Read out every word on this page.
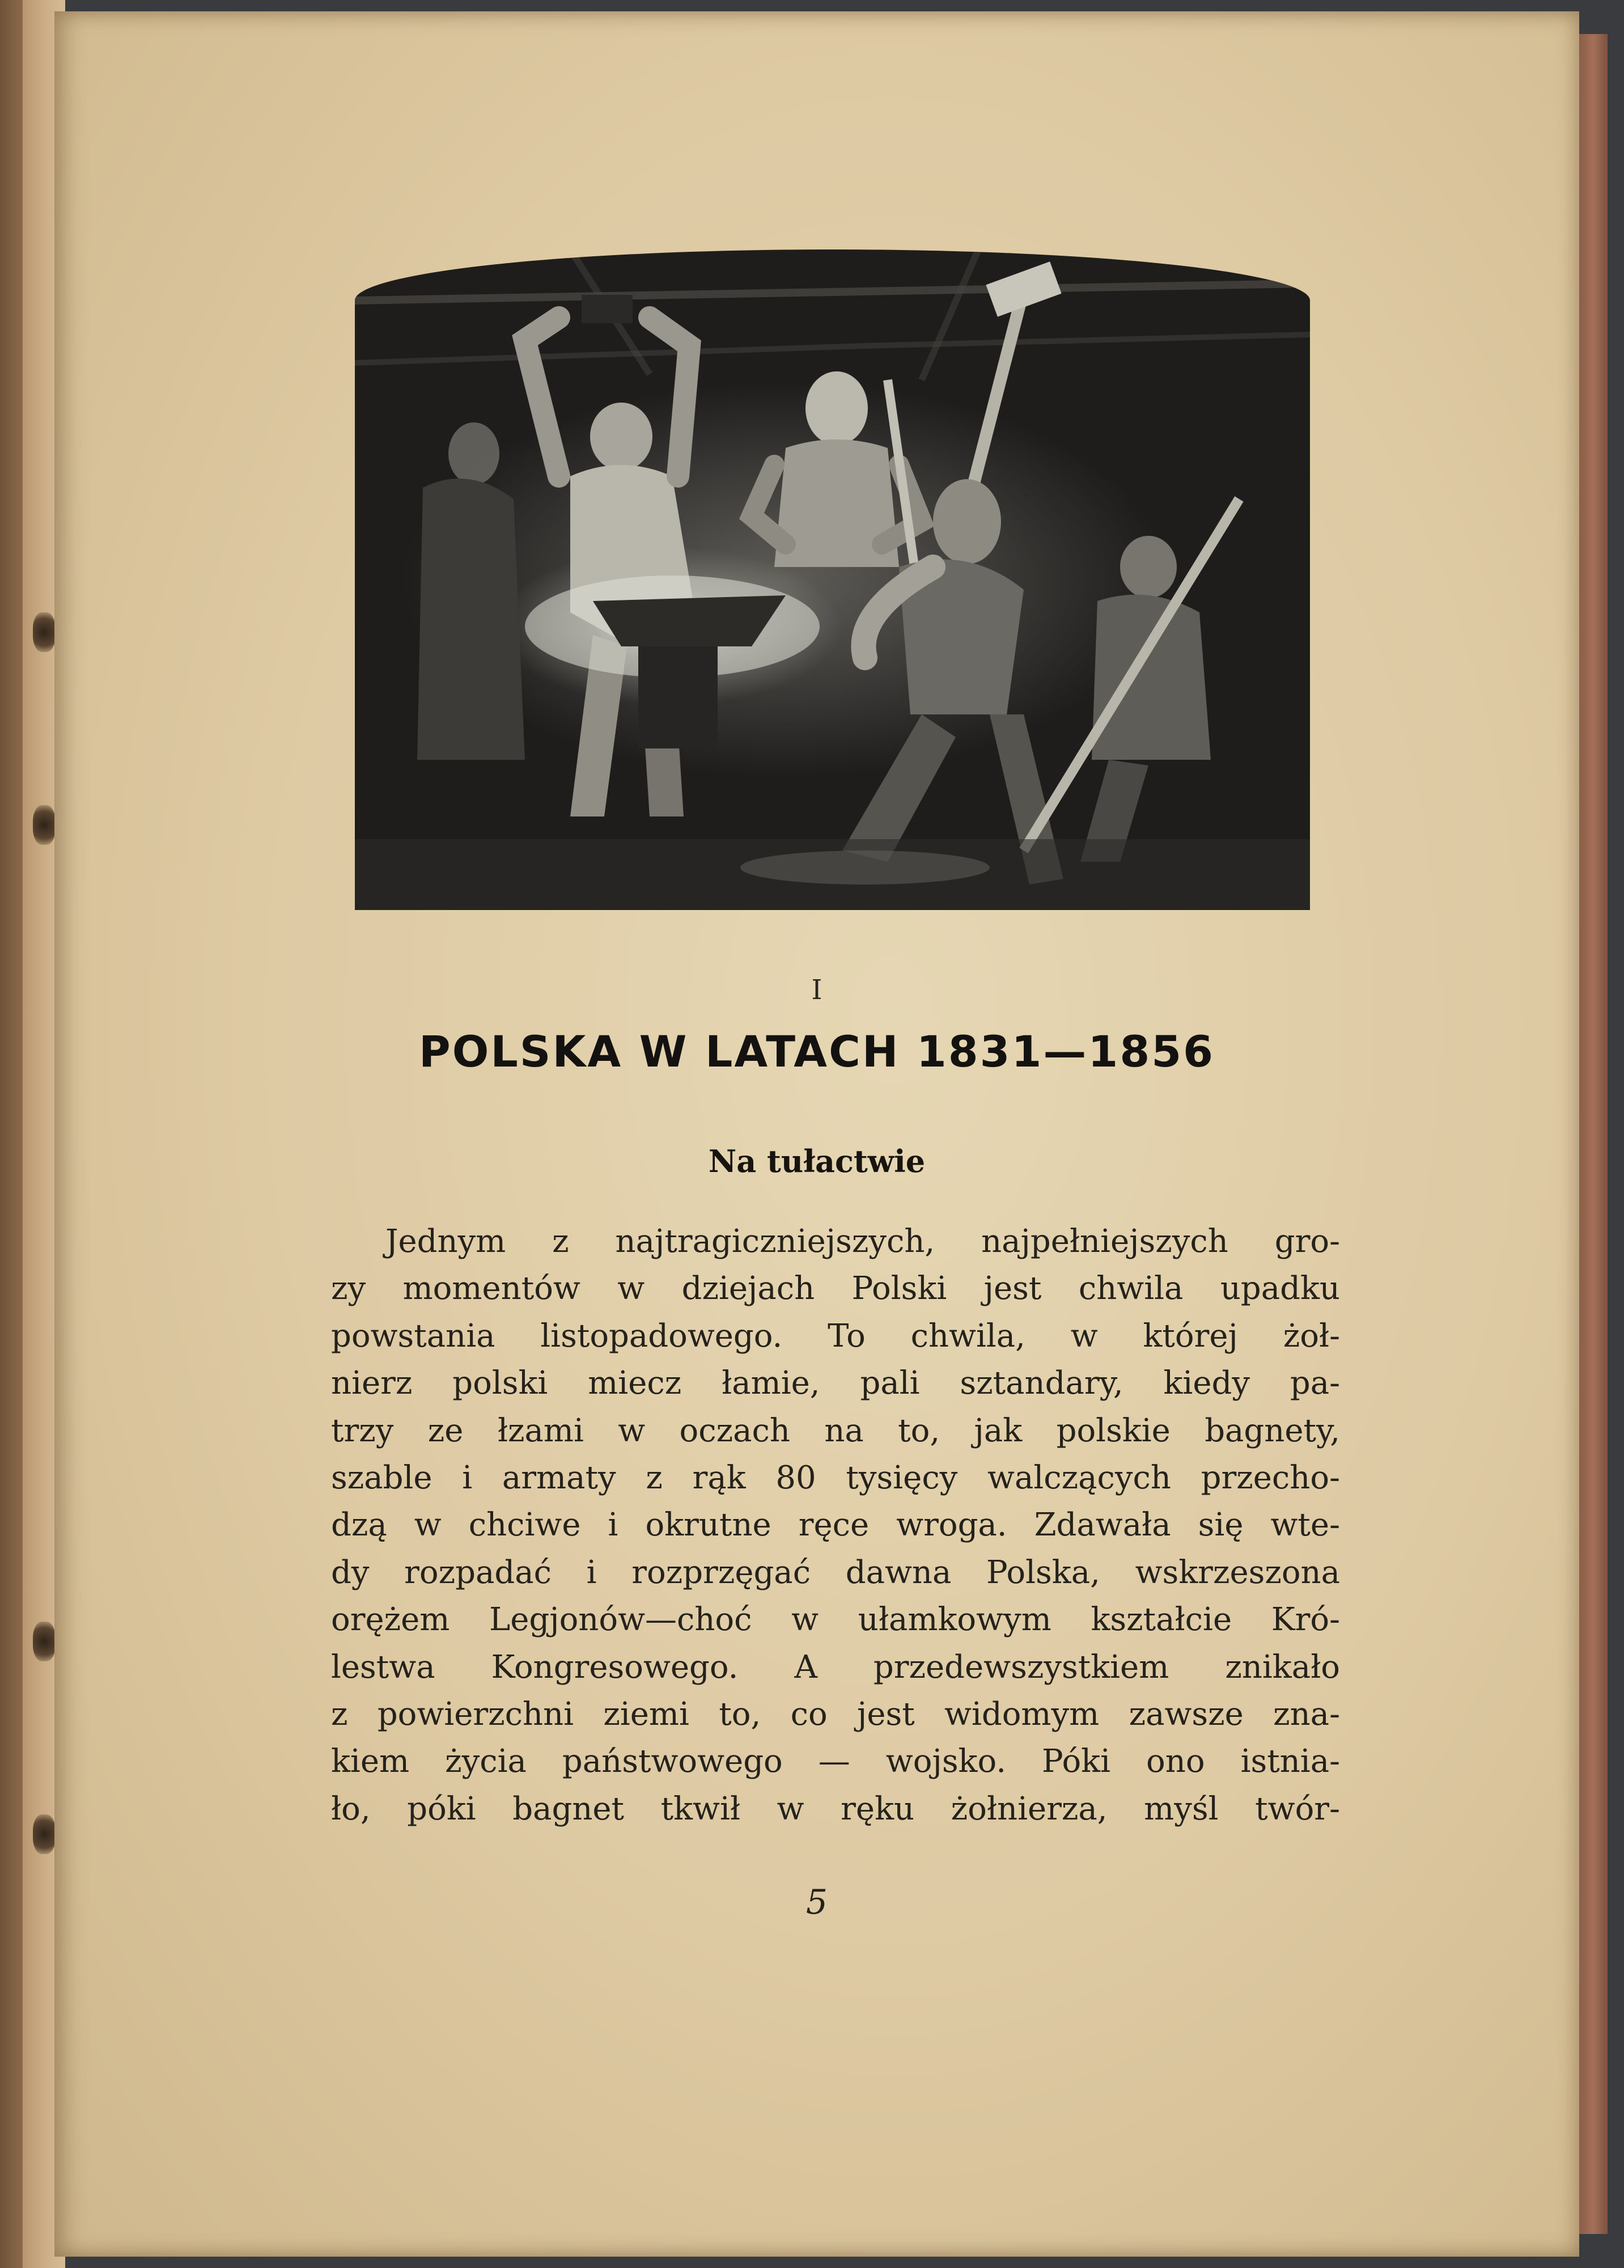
I
POLSKA W LATACH 1831—1856
Na tułactwie
Jednym z najtragiczniejszych, najpełniejszych gro-
zy momentów w dziejach Polski jest chwila upadku
powstania listopadowego. To chwila, w której żoł-
nierz polski miecz łamie, pali sztandary, kiedy pa-
trzy ze łzami w oczach na to, jak polskie bagnety,
szable i armaty z rąk 80 tysięcy walczących przecho-
dzą w chciwe i okrutne ręce wroga. Zdawała się wte-
dy rozpadać i rozprzęgać dawna Polska, wskrzeszona
orężem Legjonów—choć w ułamkowym kształcie Kró-
lestwa Kongresowego. A przedewszystkiem znikało
z powierzchni ziemi to, co jest widomym zawsze zna-
kiem życia państwowego — wojsko. Póki ono istnia-
ło, póki bagnet tkwił w ręku żołnierza, myśl twór-
5
